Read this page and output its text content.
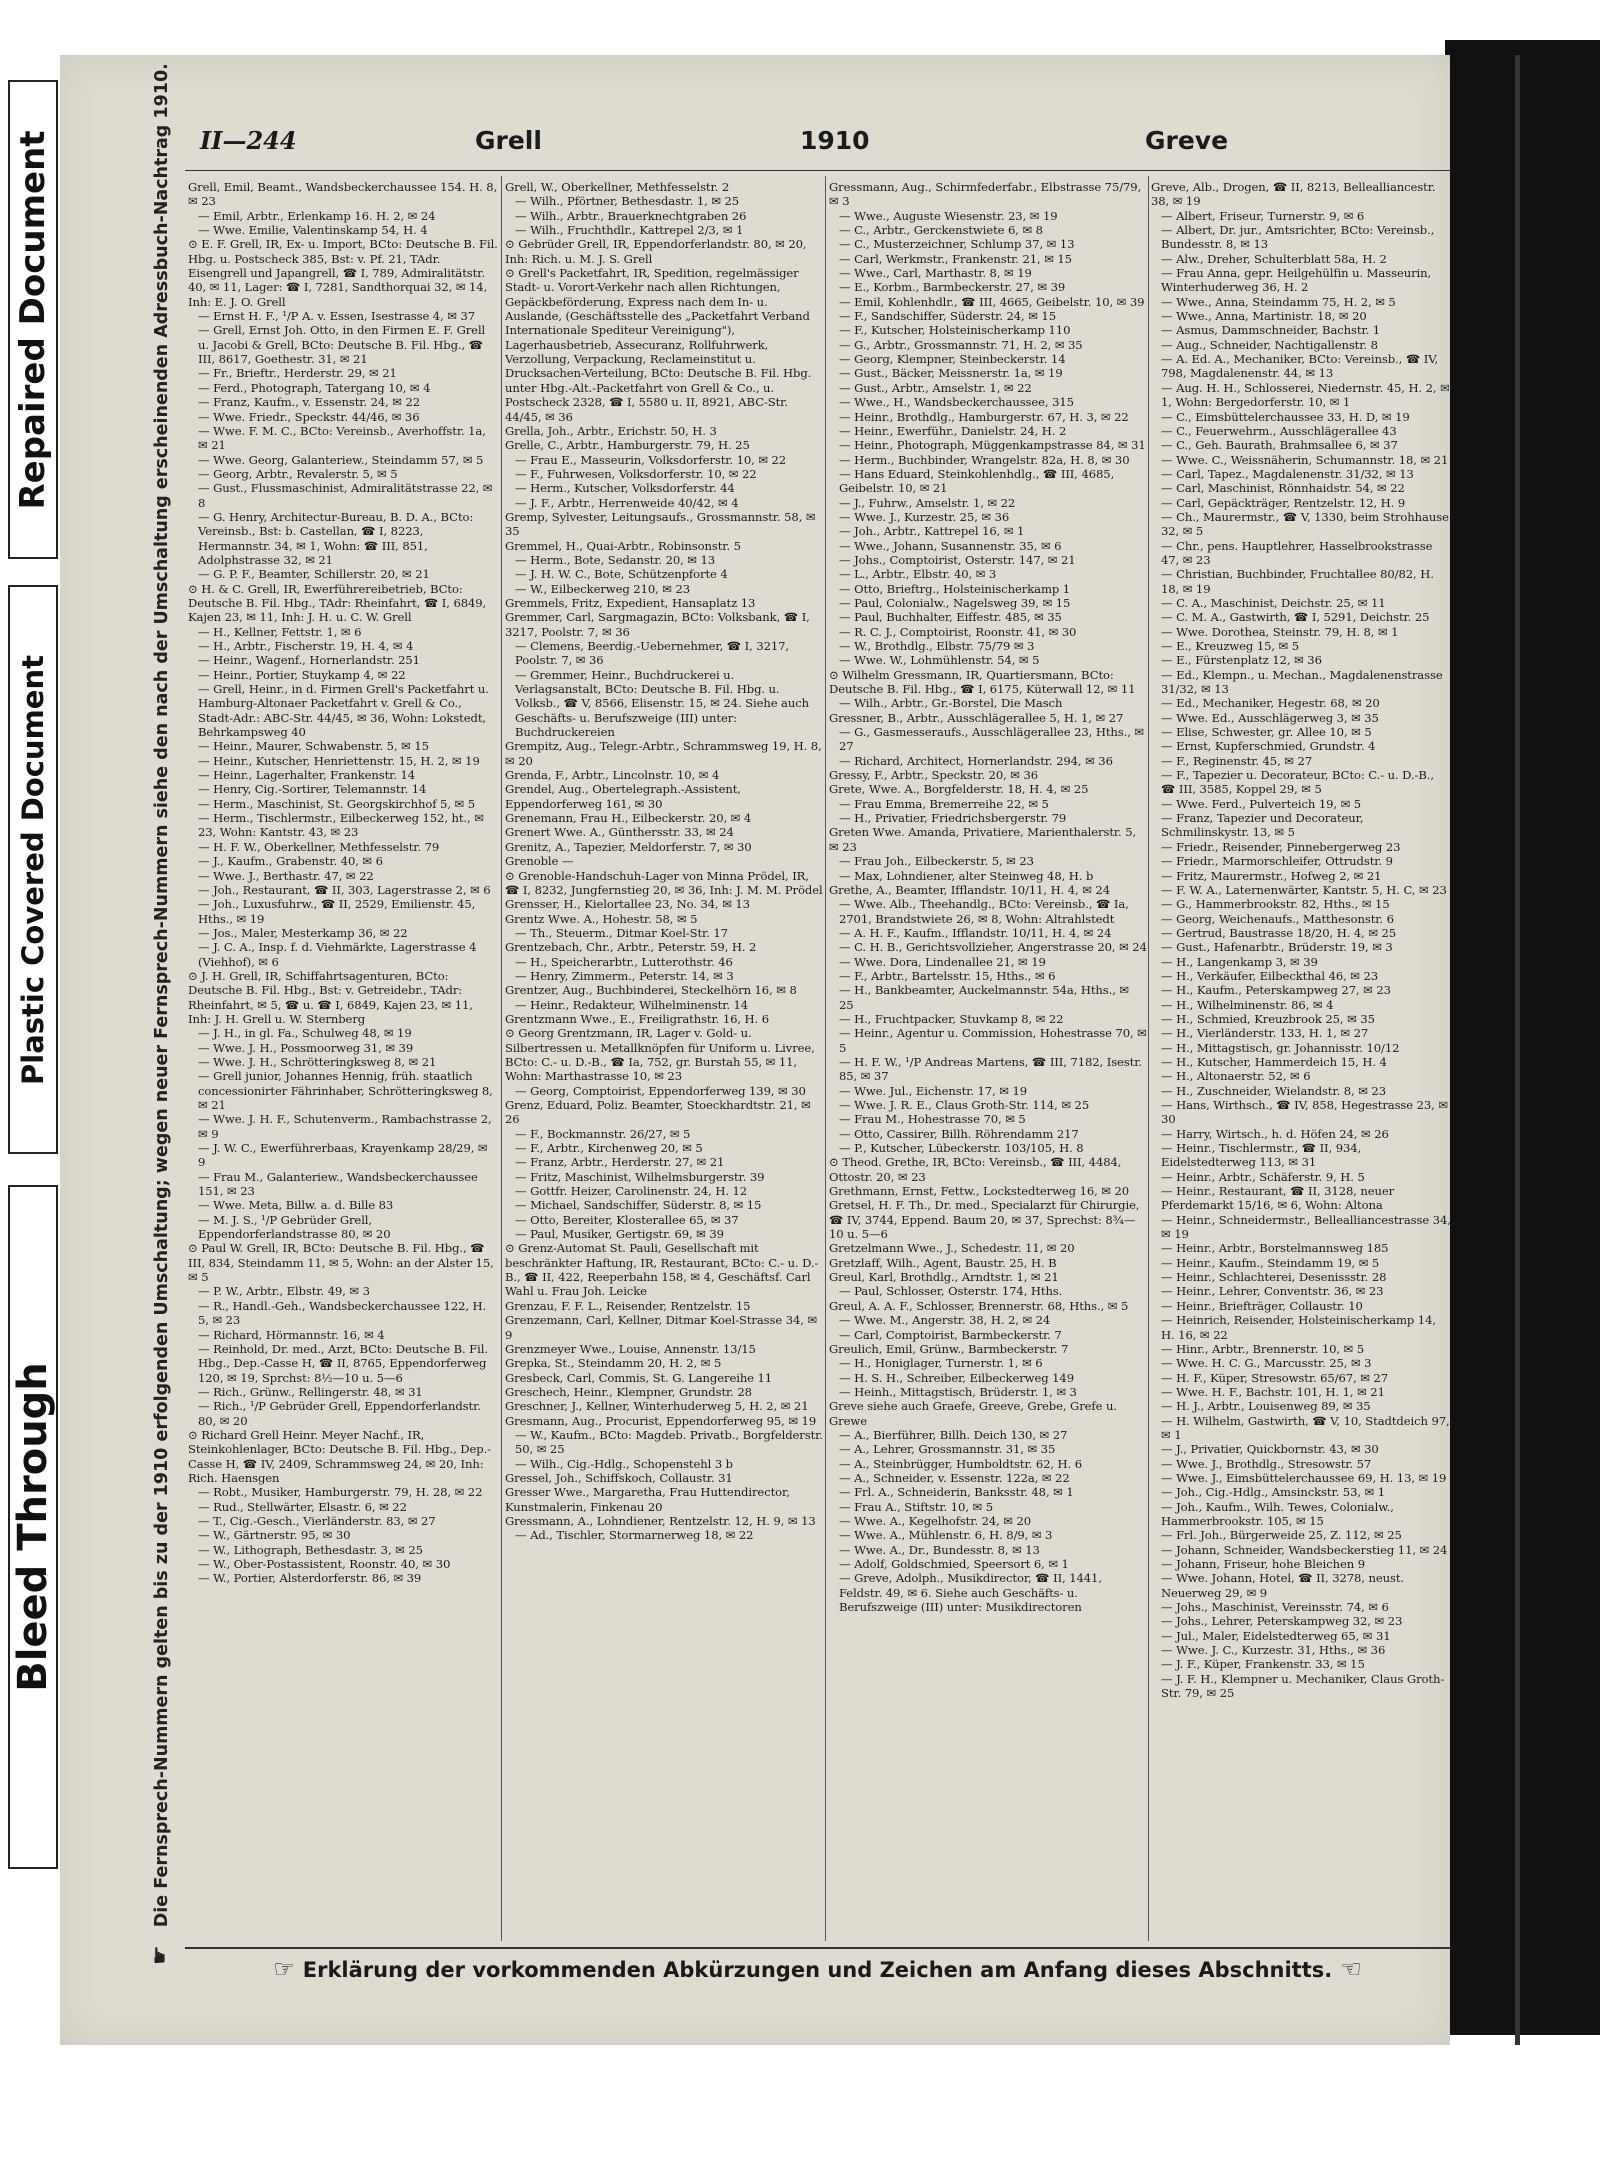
Repaired Document
Plastic Covered Document
Bleed Through
II—244	Grell	1910	Greve
☛Die Fernsprech-Nummern gelten bis zu der 1910 erfolgenden Umschaltung; wegen neuer Fernsprech-Nummern siehe den nach der Umschaltung erscheinenden Adressbuch-Nachtrag 1910. Grell, Emil, Beamt., Wandsbeckerchaussee 154. H. 8, ✉ 23

— Emil, Arbtr., Erlenkamp 16. H. 2, ✉ 24

— Wwe. Emilie, Valentinskamp 54, H. 4

⊙ E. F. Grell, IR, Ex- u. Import, BCto: Deutsche B. Fil. Hbg. u. Postscheck 385, Bst: v. Pf. 21, TAdr. Eisengrell und Japangrell, ☎ I, 789, Admiralitätstr. 40, ✉ 11, Lager: ☎ I, 7281, Sandthorquai 32, ✉ 14, Inh: E. J. O. Grell

— Ernst H. F., ¹/P A. v. Essen, Isestrasse 4, ✉ 37

— Grell, Ernst Joh. Otto, in den Firmen E. F. Grell u. Jacobi & Grell, BCto: Deutsche B. Fil. Hbg., ☎ III, 8617, Goethestr. 31, ✉ 21

— Fr., Brieftr., Herderstr. 29, ✉ 21

— Ferd., Photograph, Tatergang 10, ✉ 4

— Franz, Kaufm., v. Essenstr. 24, ✉ 22

— Wwe. Friedr., Speckstr. 44/46, ✉ 36

— Wwe. F. M. C., BCto: Vereinsb., Averhoffstr. 1a, ✉ 21

— Wwe. Georg, Galanteriew., Steindamm 57, ✉ 5

— Georg, Arbtr., Revalerstr. 5, ✉ 5

— Gust., Flussmaschinist, Admiralitätstrasse 22, ✉ 8

— G. Henry, Architectur-Bureau, B. D. A., BCto: Vereinsb., Bst: b. Castellan, ☎ I, 8223, Hermannstr. 34, ✉ 1, Wohn: ☎ III, 851, Adolphstrasse 32, ✉ 21

— G. P. F., Beamter, Schillerstr. 20, ✉ 21

⊙ H. & C. Grell, IR, Ewerführereibetrieb, BCto: Deutsche B. Fil. Hbg., TAdr: Rheinfahrt, ☎ I, 6849, Kajen 23, ✉ 11, Inh: J. H. u. C. W. Grell

— H., Kellner, Fettstr. 1, ✉ 6

— H., Arbtr., Fischerstr. 19, H. 4, ✉ 4

— Heinr., Wagenf., Hornerlandstr. 251

— Heinr., Portier, Stuykamp 4, ✉ 22

— Grell, Heinr., in d. Firmen Grell's Packetfahrt u. Hamburg-Altonaer Packetfahrt v. Grell & Co., Stadt-Adr.: ABC-Str. 44/45, ✉ 36, Wohn: Lokstedt, Behrkampsweg 40

— Heinr., Maurer, Schwabenstr. 5, ✉ 15

— Heinr., Kutscher, Henriettenstr. 15, H. 2, ✉ 19

— Heinr., Lagerhalter, Frankenstr. 14

— Henry, Cig.-Sortirer, Telemannstr. 14

— Herm., Maschinist, St. Georgskirchhof 5, ✉ 5

— Herm., Tischlermstr., Eilbeckerweg 152, ht., ✉ 23, Wohn: Kantstr. 43, ✉ 23

— H. F. W., Oberkellner, Methfesselstr. 79

— J., Kaufm., Grabenstr. 40, ✉ 6

— Wwe. J., Berthastr. 47, ✉ 22

— Joh., Restaurant, ☎ II, 303, Lagerstrasse 2, ✉ 6

— Joh., Luxusfuhrw., ☎ II, 2529, Emilienstr. 45, Hths., ✉ 19

— Jos., Maler, Mesterkamp 36, ✉ 22

— J. C. A., Insp. f. d. Viehmärkte, Lagerstrasse 4 (Viehhof), ✉ 6

⊙ J. H. Grell, IR, Schiffahrtsagenturen, BCto: Deutsche B. Fil. Hbg., Bst: v. Getreidebr., TAdr: Rheinfahrt, ✉ 5, ☎ u. ☎ I, 6849, Kajen 23, ✉ 11, Inh: J. H. Grell u. W. Sternberg

— J. H., in gl. Fa., Schulweg 48, ✉ 19

— Wwe. J. H., Possmoorweg 31, ✉ 39

— Wwe. J. H., Schrötteringksweg 8, ✉ 21

— Grell junior, Johannes Hennig, früh. staatlich concessionirter Fährinhaber, Schrötteringksweg 8, ✉ 21

— Wwe. J. H. F., Schutenverm., Rambachstrasse 2, ✉ 9

— J. W. C., Ewerführerbaas, Krayenkamp 28/29, ✉ 9

— Frau M., Galanteriew., Wandsbeckerchaussee 151, ✉ 23

— Wwe. Meta, Billw. a. d. Bille 83

— M. J. S., ¹/P Gebrüder Grell, Eppendorferlandstrasse 80, ✉ 20

⊙ Paul W. Grell, IR, BCto: Deutsche B. Fil. Hbg., ☎ III, 834, Steindamm 11, ✉ 5, Wohn: an der Alster 15, ✉ 5

— P. W., Arbtr., Elbstr. 49, ✉ 3

— R., Handl.-Geh., Wandsbeckerchaussee 122, H. 5, ✉ 23

— Richard, Hörmannstr. 16, ✉ 4

— Reinhold, Dr. med., Arzt, BCto: Deutsche B. Fil. Hbg., Dep.-Casse H, ☎ II, 8765, Eppendorferweg 120, ✉ 19, Sprchst: 8½—10 u. 5—6

— Rich., Grünw., Rellingerstr. 48, ✉ 31

— Rich., ¹/P Gebrüder Grell, Eppendorferlandstr. 80, ✉ 20

⊙ Richard Grell Heinr. Meyer Nachf., IR, Steinkohlenlager, BCto: Deutsche B. Fil. Hbg., Dep.-Casse H, ☎ IV, 2409, Schrammsweg 24, ✉ 20, Inh: Rich. Haensgen

— Robt., Musiker, Hamburgerstr. 79, H. 28, ✉ 22

— Rud., Stellwärter, Elsastr. 6, ✉ 22

— T., Cig.-Gesch., Vierländerstr. 83, ✉ 27

— W., Gärtnerstr. 95, ✉ 30

— W., Lithograph, Bethesdastr. 3, ✉ 25

— W., Ober-Postassistent, Roonstr. 40, ✉ 30

— W., Portier, Alsterdorferstr. 86, ✉ 39

Grell, W., Oberkellner, Methfesselstr. 2

— Wilh., Pförtner, Bethesdastr. 1, ✉ 25

— Wilh., Arbtr., Brauerknechtgraben 26

— Wilh., Fruchthdlr., Kattrepel 2/3, ✉ 1

⊙ Gebrüder Grell, IR, Eppendorferlandstr. 80, ✉ 20, Inh: Rich. u. M. J. S. Grell

⊙ Grell's Packetfahrt, IR, Spedition, regelmässiger Stadt- u. Vorort-Verkehr nach allen Richtungen, Gepäckbeförderung, Express nach dem In- u. Auslande, (Geschäftsstelle des „Packetfahrt Verband Internationale Spediteur Vereinigung"), Lagerhausbetrieb, Assecuranz, Rollfuhrwerk, Verzollung, Verpackung, Reclameinstitut u. Drucksachen-Verteilung, BCto: Deutsche B. Fil. Hbg. unter Hbg.-Alt.-Packetfahrt von Grell & Co., u. Postscheck 2328, ☎ I, 5580 u. II, 8921, ABC-Str. 44/45, ✉ 36

Grella, Joh., Arbtr., Erichstr. 50, H. 3

Grelle, C., Arbtr., Hamburgerstr. 79, H. 25

— Frau E., Masseurin, Volksdorferstr. 10, ✉ 22

— F., Fuhrwesen, Volksdorferstr. 10, ✉ 22

— Herm., Kutscher, Volksdorferstr. 44

— J. F., Arbtr., Herrenweide 40/42, ✉ 4

Gremp, Sylvester, Leitungsaufs., Grossmannstr. 58, ✉ 35

Gremmel, H., Quai-Arbtr., Robinsonstr. 5

— Herm., Bote, Sedanstr. 20, ✉ 13

— J. H. W. C., Bote, Schützenpforte 4

— W., Eilbeckerweg 210, ✉ 23

Gremmels, Fritz, Expedient, Hansaplatz 13

Gremmer, Carl, Sargmagazin, BCto: Volksbank, ☎ I, 3217, Poolstr. 7, ✉ 36

— Clemens, Beerdig.-Uebernehmer, ☎ I, 3217, Poolstr. 7, ✉ 36

— Gremmer, Heinr., Buchdruckerei u. Verlagsanstalt, BCto: Deutsche B. Fil. Hbg. u. Volksb., ☎ V, 8566, Elisenstr. 15, ✉ 24. Siehe auch Geschäfts- u. Berufszweige (III) unter: Buchdruckereien

Grempitz, Aug., Telegr.-Arbtr., Schrammsweg 19, H. 8, ✉ 20

Grenda, F., Arbtr., Lincolnstr. 10, ✉ 4

Grendel, Aug., Obertelegraph.-Assistent, Eppendorferweg 161, ✉ 30

Grenemann, Frau H., Eilbeckerstr. 20, ✉ 4

Grenert Wwe. A., Günthersstr. 33, ✉ 24

Grenitz, A., Tapezier, Meldorferstr. 7, ✉ 30

Grenoble —

⊙ Grenoble-Handschuh-Lager von Minna Prödel, IR, ☎ I, 8232, Jungfernstieg 20, ✉ 36, Inh: J. M. M. Prödel

Grensser, H., Kielortallee 23, No. 34, ✉ 13

Grentz Wwe. A., Hohestr. 58, ✉ 5

— Th., Steuerm., Ditmar Koel-Str. 17

Grentzebach, Chr., Arbtr., Peterstr. 59, H. 2

— H., Speicherarbtr., Lutterothstr. 46

— Henry, Zimmerm., Peterstr. 14, ✉ 3

Grentzer, Aug., Buchbinderei, Steckelhörn 16, ✉ 8

— Heinr., Redakteur, Wilhelminenstr. 14

Grentzmann Wwe., E., Freiligrathstr. 16, H. 6

⊙ Georg Grentzmann, IR, Lager v. Gold- u. Silbertressen u. Metallknöpfen für Uniform u. Livree, BCto: C.- u. D.-B., ☎ Ia, 752, gr. Burstah 55, ✉ 11, Wohn: Marthastrasse 10, ✉ 23

— Georg, Comptoirist, Eppendorferweg 139, ✉ 30

Grenz, Eduard, Poliz. Beamter, Stoeckhardtstr. 21, ✉ 26

— F., Bockmannstr. 26/27, ✉ 5

— F., Arbtr., Kirchenweg 20, ✉ 5

— Franz, Arbtr., Herderstr. 27, ✉ 21

— Fritz, Maschinist, Wilhelmsburgerstr. 39

— Gottfr. Heizer, Carolinenstr. 24, H. 12

— Michael, Sandschiffer, Süderstr. 8, ✉ 15

— Otto, Bereiter, Klosterallee 65, ✉ 37

— Paul, Musiker, Gertigstr. 69, ✉ 39

⊙ Grenz-Automat St. Pauli, Gesellschaft mit beschränkter Haftung, IR, Restaurant, BCto: C.- u. D.-B., ☎ II, 422, Reeperbahn 158, ✉ 4, Geschäftsf. Carl Wahl u. Frau Joh. Leicke

Grenzau, F. F. L., Reisender, Rentzelstr. 15

Grenzemann, Carl, Kellner, Ditmar Koel-Strasse 34, ✉ 9

Grenzmeyer Wwe., Louise, Annenstr. 13/15

Grepka, St., Steindamm 20, H. 2, ✉ 5

Gresbeck, Carl, Commis, St. G. Langereihe 11

Greschech, Heinr., Klempner, Grundstr. 28

Greschner, J., Kellner, Winterhuderweg 5, H. 2, ✉ 21

Gresmann, Aug., Procurist, Eppendorferweg 95, ✉ 19

— W., Kaufm., BCto: Magdeb. Privatb., Borgfelderstr. 50, ✉ 25

— Wilh., Cig.-Hdlg., Schopenstehl 3 b

Gressel, Joh., Schiffskoch, Collaustr. 31

Gresser Wwe., Margaretha, Frau Huttendirector, Kunstmalerin, Finkenau 20

Gressmann, A., Lohndiener, Rentzelstr. 12, H. 9, ✉ 13

— Ad., Tischler, Stormarnerweg 18, ✉ 22

Gressmann, Aug., Schirmfederfabr., Elbstrasse 75/79, ✉ 3

— Wwe., Auguste Wiesenstr. 23, ✉ 19

— C., Arbtr., Gerckenstwiete 6, ✉ 8

— C., Musterzeichner, Schlump 37, ✉ 13

— Carl, Werkmstr., Frankenstr. 21, ✉ 15

— Wwe., Carl, Marthastr. 8, ✉ 19

— E., Korbm., Barmbeckerstr. 27, ✉ 39

— Emil, Kohlenhdlr., ☎ III, 4665, Geibelstr. 10, ✉ 39

— F., Sandschiffer, Süderstr. 24, ✉ 15

— F., Kutscher, Holsteinischerkamp 110

— G., Arbtr., Grossmannstr. 71, H. 2, ✉ 35

— Georg, Klempner, Steinbeckerstr. 14

— Gust., Bäcker, Meissnerstr. 1a, ✉ 19

— Gust., Arbtr., Amselstr. 1, ✉ 22

— Wwe., H., Wandsbeckerchaussee, 315

— Heinr., Brothdlg., Hamburgerstr. 67, H. 3, ✉ 22

— Heinr., Ewerführ., Danielstr. 24, H. 2

— Heinr., Photograph, Müggenkampstrasse 84, ✉ 31

— Herm., Buchbinder, Wrangelstr. 82a, H. 8, ✉ 30

— Hans Eduard, Steinkohlenhdlg., ☎ III, 4685, Geibelstr. 10, ✉ 21

— J., Fuhrw., Amselstr. 1, ✉ 22

— Wwe. J., Kurzestr. 25, ✉ 36

— Joh., Arbtr., Kattrepel 16, ✉ 1

— Wwe., Johann, Susannenstr. 35, ✉ 6

— Johs., Comptoirist, Osterstr. 147, ✉ 21

— L., Arbtr., Elbstr. 40, ✉ 3

— Otto, Brieftrg., Holsteinischerkamp 1

— Paul, Colonialw., Nagelsweg 39, ✉ 15

— Paul, Buchhalter, Eiffestr. 485, ✉ 35

— R. C. J., Comptoirist, Roonstr. 41, ✉ 30

— W., Brothdlg., Elbstr. 75/79 ✉ 3

— Wwe. W., Lohmühlenstr. 54, ✉ 5

⊙ Wilhelm Gressmann, IR, Quartiersmann, BCto: Deutsche B. Fil. Hbg., ☎ I, 6175, Küterwall 12, ✉ 11

— Wilh., Arbtr., Gr.-Borstel, Die Masch

Gressner, B., Arbtr., Ausschlägerallee 5, H. 1, ✉ 27

— G., Gasmesseraufs., Ausschlägerallee 23, Hths., ✉ 27

— Richard, Architect, Hornerlandstr. 294, ✉ 36

Gressy, F., Arbtr., Speckstr. 20, ✉ 36

Grete, Wwe. A., Borgfelderstr. 18, H. 4, ✉ 25

— Frau Emma, Bremerreihe 22, ✉ 5

— H., Privatier, Friedrichsbergerstr. 79

Greten Wwe. Amanda, Privatiere, Marienthalerstr. 5, ✉ 23

— Frau Joh., Eilbeckerstr. 5, ✉ 23

— Max, Lohndiener, alter Steinweg 48, H. b

Grethe, A., Beamter, Ifflandstr. 10/11, H. 4, ✉ 24

— Wwe. Alb., Theehandlg., BCto: Vereinsb., ☎ Ia, 2701, Brandstwiete 26, ✉ 8, Wohn: Altrahlstedt

— A. H. F., Kaufm., Ifflandstr. 10/11, H. 4, ✉ 24

— C. H. B., Gerichtsvollzieher, Angerstrasse 20, ✉ 24

— Wwe. Dora, Lindenallee 21, ✉ 19

— F., Arbtr., Bartelsstr. 15, Hths., ✉ 6

— H., Bankbeamter, Auckelmannstr. 54a, Hths., ✉ 25

— H., Fruchtpacker, Stuvkamp 8, ✉ 22

— Heinr., Agentur u. Commission, Hohestrasse 70, ✉ 5

— H. F. W., ¹/P Andreas Martens, ☎ III, 7182, Isestr. 85, ✉ 37

— Wwe. Jul., Eichenstr. 17, ✉ 19

— Wwe. J. R. E., Claus Groth-Str. 114, ✉ 25

— Frau M., Hohestrasse 70, ✉ 5

— Otto, Cassirer, Billh. Röhrendamm 217

— P., Kutscher, Lübeckerstr. 103/105, H. 8

⊙ Theod. Grethe, IR, BCto: Vereinsb., ☎ III, 4484, Ottostr. 20, ✉ 23

Grethmann, Ernst, Fettw., Lockstedterweg 16, ✉ 20

Gretsel, H. F. Th., Dr. med., Specialarzt für Chirurgie, ☎ IV, 3744, Eppend. Baum 20, ✉ 37, Sprechst: 8¾—10 u. 5—6

Gretzelmann Wwe., J., Schedestr. 11, ✉ 20

Gretzlaff, Wilh., Agent, Baustr. 25, H. B

Greul, Karl, Brothdlg., Arndtstr. 1, ✉ 21

— Paul, Schlosser, Osterstr. 174, Hths.

Greul, A. A. F., Schlosser, Brennerstr. 68, Hths., ✉ 5

— Wwe. M., Angerstr. 38, H. 2, ✉ 24

— Carl, Comptoirist, Barmbeckerstr. 7

Greulich, Emil, Grünw., Barmbeckerstr. 7

— H., Honiglager, Turnerstr. 1, ✉ 6

— H. S. H., Schreiber, Eilbeckerweg 149

— Heinh., Mittagstisch, Brüderstr. 1, ✉ 3

Greve siehe auch Graefe, Greeve, Grebe, Grefe u. Grewe

— A., Bierführer, Billh. Deich 130, ✉ 27

— A., Lehrer, Grossmannstr. 31, ✉ 35

— A., Steinbrügger, Humboldtstr. 62, H. 6

— A., Schneider, v. Essenstr. 122a, ✉ 22

— Frl. A., Schneiderin, Banksstr. 48, ✉ 1

— Frau A., Stiftstr. 10, ✉ 5

— Wwe. A., Kegelhofstr. 24, ✉ 20

— Wwe. A., Mühlenstr. 6, H. 8/9, ✉ 3

— Wwe. A., Dr., Bundesstr. 8, ✉ 13

— Adolf, Goldschmied, Speersort 6, ✉ 1

— Greve, Adolph., Musikdirector, ☎ II, 1441, Feldstr. 49, ✉ 6. Siehe auch Geschäfts- u. Berufszweige (III) unter: Musikdirectoren

Greve, Alb., Drogen, ☎ II, 8213, Bellealliancestr. 38, ✉ 19

— Albert, Friseur, Turnerstr. 9, ✉ 6

— Albert, Dr. jur., Amtsrichter, BCto: Vereinsb., Bundesstr. 8, ✉ 13

— Alw., Dreher, Schulterblatt 58a, H. 2

— Frau Anna, gepr. Heilgehülfin u. Masseurin, Winterhuderweg 36, H. 2

— Wwe., Anna, Steindamm 75, H. 2, ✉ 5

— Wwe., Anna, Martinistr. 18, ✉ 20

— Asmus, Dammschneider, Bachstr. 1

— Aug., Schneider, Nachtigallenstr. 8

— A. Ed. A., Mechaniker, BCto: Vereinsb., ☎ IV, 798, Magdalenenstr. 44, ✉ 13

— Aug. H. H., Schlosserei, Niedernstr. 45, H. 2, ✉ 1, Wohn: Bergedorferstr. 10, ✉ 1

— C., Eimsbüttelerchaussee 33, H. D, ✉ 19

— C., Feuerwehrm., Ausschlägerallee 43

— C., Geh. Baurath, Brahmsallee 6, ✉ 37

— Wwe. C., Weissnäherin, Schumannstr. 18, ✉ 21

— Carl, Tapez., Magdalenenstr. 31/32, ✉ 13

— Carl, Maschinist, Rönnhaidstr. 54, ✉ 22

— Carl, Gepäckträger, Rentzelstr. 12, H. 9

— Ch., Maurermstr., ☎ V, 1330, beim Strohhause 32, ✉ 5

— Chr., pens. Hauptlehrer, Hasselbrookstrasse 47, ✉ 23

— Christian, Buchbinder, Fruchtallee 80/82, H. 18, ✉ 19

— C. A., Maschinist, Deichstr. 25, ✉ 11

— C. M. A., Gastwirth, ☎ I, 5291, Deichstr. 25

— Wwe. Dorothea, Steinstr. 79, H. 8, ✉ 1

— E., Kreuzweg 15, ✉ 5

— E., Fürstenplatz 12, ✉ 36

— Ed., Klempn., u. Mechan., Magdalenenstrasse 31/32, ✉ 13

— Ed., Mechaniker, Hegestr. 68, ✉ 20

— Wwe. Ed., Ausschlägerweg 3, ✉ 35

— Elise, Schwester, gr. Allee 10, ✉ 5

— Ernst, Kupferschmied, Grundstr. 4

— F., Reginenstr. 45, ✉ 27

— F., Tapezier u. Decorateur, BCto: C.- u. D.-B., ☎ III, 3585, Koppel 29, ✉ 5

— Wwe. Ferd., Pulverteich 19, ✉ 5

— Franz, Tapezier und Decorateur, Schmilinskystr. 13, ✉ 5

— Friedr., Reisender, Pinnebergerweg 23

— Friedr., Marmorschleifer, Ottrudstr. 9

— Fritz, Maurermstr., Hofweg 2, ✉ 21

— F. W. A., Laternenwärter, Kantstr. 5, H. C, ✉ 23

— G., Hammerbrookstr. 82, Hths., ✉ 15

— Georg, Weichenaufs., Matthesonstr. 6

— Gertrud, Baustrasse 18/20, H. 4, ✉ 25

— Gust., Hafenarbtr., Brüderstr. 19, ✉ 3

— H., Langenkamp 3, ✉ 39

— H., Verkäufer, Eilbeckthal 46, ✉ 23

— H., Kaufm., Peterskampweg 27, ✉ 23

— H., Wilhelminenstr. 86, ✉ 4

— H., Schmied, Kreuzbrook 25, ✉ 35

— H., Vierländerstr. 133, H. 1, ✉ 27

— H., Mittagstisch, gr. Johannisstr. 10/12

— H., Kutscher, Hammerdeich 15, H. 4

— H., Altonaerstr. 52, ✉ 6

— H., Zuschneider, Wielandstr. 8, ✉ 23

— Hans, Wirthsch., ☎ IV, 858, Hegestrasse 23, ✉ 30

— Harry, Wirtsch., h. d. Höfen 24, ✉ 26

— Heinr., Tischlermstr., ☎ II, 934, Eidelstedterweg 113, ✉ 31

— Heinr., Arbtr., Schäferstr. 9, H. 5

— Heinr., Restaurant, ☎ II, 3128, neuer Pferdemarkt 15/16, ✉ 6, Wohn: Altona

— Heinr., Schneidermstr., Bellealliancestrasse 34, ✉ 19

— Heinr., Arbtr., Borstelmannsweg 185

— Heinr., Kaufm., Steindamm 19, ✉ 5

— Heinr., Schlachterei, Desenissstr. 28

— Heinr., Lehrer, Conventstr. 36, ✉ 23

— Heinr., Briefträger, Collaustr. 10

— Heinrich, Reisender, Holsteinischerkamp 14, H. 16, ✉ 22

— Hinr., Arbtr., Brennerstr. 10, ✉ 5

— Wwe. H. C. G., Marcusstr. 25, ✉ 3

— H. F., Küper, Stresowstr. 65/67, ✉ 27

— Wwe. H. F., Bachstr. 101, H. 1, ✉ 21

— H. J., Arbtr., Louisenweg 89, ✉ 35

— H. Wilhelm, Gastwirth, ☎ V, 10, Stadtdeich 97, ✉ 1

— J., Privatier, Quickbornstr. 43, ✉ 30

— Wwe. J., Brothdlg., Stresowstr. 57

— Wwe. J., Eimsbüttelerchaussee 69, H. 13, ✉ 19

— Joh., Cig.-Hdlg., Amsinckstr. 53, ✉ 1

— Joh., Kaufm., Wilh. Tewes, Colonialw., Hammerbrookstr. 105, ✉ 15

— Frl. Joh., Bürgerweide 25, Z. 112, ✉ 25

— Johann, Schneider, Wandsbeckerstieg 11, ✉ 24

— Johann, Friseur, hohe Bleichen 9

— Wwe. Johann, Hotel, ☎ II, 3278, neust. Neuerweg 29, ✉ 9

— Johs., Maschinist, Vereinsstr. 74, ✉ 6

— Johs., Lehrer, Peterskampweg 32, ✉ 23

— Jul., Maler, Eidelstedterweg 65, ✉ 31

— Wwe. J. C., Kurzestr. 31, Hths., ✉ 36

— J. F., Küper, Frankenstr. 33, ✉ 15

— J. F. H., Klempner u. Mechaniker, Claus Groth-Str. 79, ✉ 25

☞ Erklärung der vorkommenden Abkürzungen und Zeichen am Anfang dieses Abschnitts. ☜
